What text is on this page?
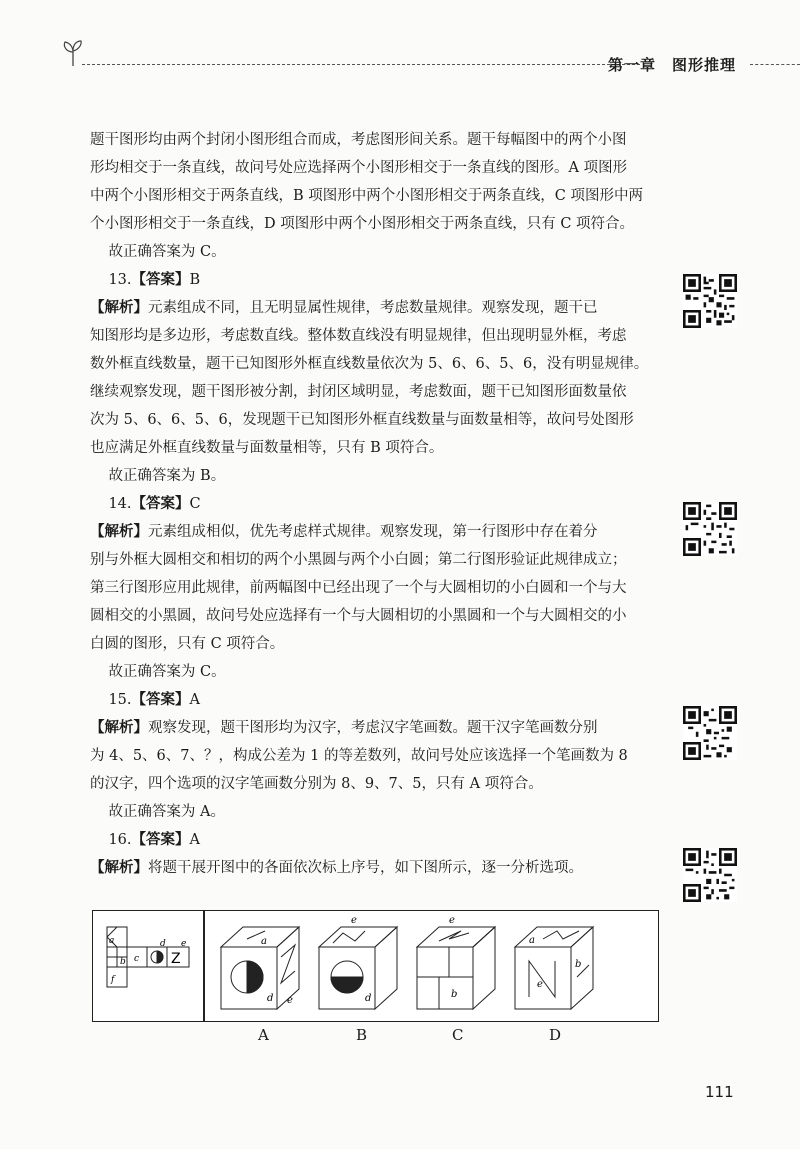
第一章　图形推理
题干图形均由两个封闭小图形组合而成，考虑图形间关系。题干每幅图中的两个小图
形均相交于一条直线，故问号处应选择两个小图形相交于一条直线的图形。A 项图形
中两个小图形相交于两条直线，B 项图形中两个小图形相交于两条直线，C 项图形中两
个小图形相交于一条直线，D 项图形中两个小图形相交于两条直线，只有 C 项符合。
故正确答案为 C。
13.【答案】B
【解析】元素组成不同，且无明显属性规律，考虑数量规律。观察发现，题干已
知图形均是多边形，考虑数直线。整体数直线没有明显规律，但出现明显外框，考虑
数外框直线数量，题干已知图形外框直线数量依次为 5、6、6、5、6，没有明显规律。
继续观察发现，题干图形被分割，封闭区域明显，考虑数面，题干已知图形面数量依
次为 5、6、6、5、6，发现题干已知图形外框直线数量与面数量相等，故问号处图形
也应满足外框直线数量与面数量相等，只有 B 项符合。
故正确答案为 B。
14.【答案】C
【解析】元素组成相似，优先考虑样式规律。观察发现，第一行图形中存在着分
别与外框大圆相交和相切的两个小黑圆与两个小白圆；第二行图形验证此规律成立；
第三行图形应用此规律，前两幅图中已经出现了一个与大圆相切的小白圆和一个与大
圆相交的小黑圆，故问号处应选择有一个与大圆相切的小黑圆和一个与大圆相交的小
白圆的图形，只有 C 项符合。
故正确答案为 C。
15.【答案】A
【解析】观察发现，题干图形均为汉字，考虑汉字笔画数。题干汉字笔画数分别
为 4、5、6、7、？，构成公差为 1 的等差数列，故问号处应该选择一个笔画数为 8
的汉字，四个选项的汉字笔画数分别为 8、9、7、5，只有 A 项符合。
故正确答案为 A。
16.【答案】A
【解析】将题干展开图中的各面依次标上序号，如下图所示，逐一分析选项。
a
b c
d e
f
Z
a
d e
e
d
e
b
a
b
e
A	B	C	D
111
